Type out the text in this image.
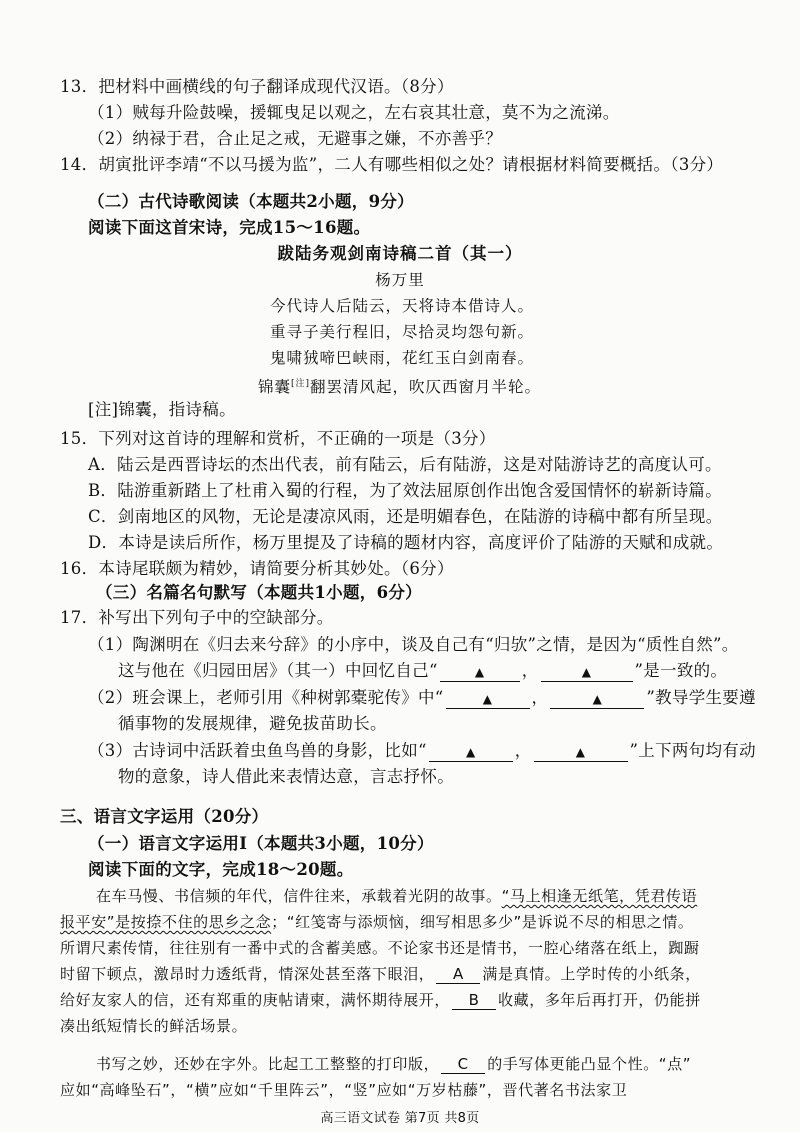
13．把材料中画横线的句子翻译成现代汉语。（8分）
（1）贼每升险鼓噪，援辄曳足以观之，左右哀其壮意，莫不为之流涕。
（2）纳禄于君，合止足之戒，无避事之嫌，不亦善乎？
14．胡寅批评李靖“不以马援为监”，二人有哪些相似之处？请根据材料简要概括。（3分）
（二）古代诗歌阅读（本题共2小题，9分）
阅读下面这首宋诗，完成15～16题。
跋陆务观剑南诗稿二首（其一）
杨万里
今代诗人后陆云，天将诗本借诗人。
重寻子美行程旧，尽拾灵均怨句新。
鬼啸狨啼巴峡雨，花红玉白剑南春。
锦囊[注]翻罢清风起，吹仄西窗月半轮。
[注]锦囊，指诗稿。
15．下列对这首诗的理解和赏析，不正确的一项是（3分）
A．陆云是西晋诗坛的杰出代表，前有陆云，后有陆游，这是对陆游诗艺的高度认可。
B．陆游重新踏上了杜甫入蜀的行程，为了效法屈原创作出饱含爱国情怀的崭新诗篇。
C．剑南地区的风物，无论是凄凉风雨，还是明媚春色，在陆游的诗稿中都有所呈现。
D．本诗是读后所作，杨万里提及了诗稿的题材内容，高度评价了陆游的天赋和成就。
16．本诗尾联颇为精妙，请简要分析其妙处。（6分）
（三）名篇名句默写（本题共1小题，6分）
17．补写出下列句子中的空缺部分。
（1）陶渊明在《归去来兮辞》的小序中，谈及自己有“归欤”之情，是因为“质性自然”。
这与他在《归园田居》（其一）中回忆自己“	▲ ，	▲	”是一致的。
（2）班会课上，老师引用《种树郭橐驼传》中“	▲ ，	▲	”教导学生要遵
循事物的发展规律，避免拔苗助长。
（3）古诗词中活跃着虫鱼鸟兽的身影，比如“	▲ ，	▲	”上下两句均有动
物的意象，诗人借此来表情达意，言志抒怀。
三、语言文字运用（20分）
（一）语言文字运用Ⅰ（本题共3小题，10分）
阅读下面的文字，完成18～20题。
在车马慢、书信频的年代，信件往来，承载着光阴的故事。“马上相逢无纸笔，凭君传语
报平安”是按捺不住的思乡之念；“红笺寄与添烦恼，细写相思多少”是诉说不尽的相思之情。
所谓尺素传情，往往别有一番中式的含蓄美感。不论家书还是情书，一腔心绪落在纸上，踟蹰
时留下顿点，激昂时力透纸背，情深处甚至落下眼泪， A 满是真情。上学时传的小纸条，
给好友家人的信，还有郑重的庚帖请柬，满怀期待展开， B 收藏，多年后再打开，仍能拼
凑出纸短情长的鲜活场景。
书写之妙，还妙在字外。比起工工整整的打印版， C 的手写体更能凸显个性。“点”
应如“高峰坠石”，“横”应如“千里阵云”，“竖”应如“万岁枯藤”，晋代著名书法家卫
高三语文试卷 第7页 共8页
